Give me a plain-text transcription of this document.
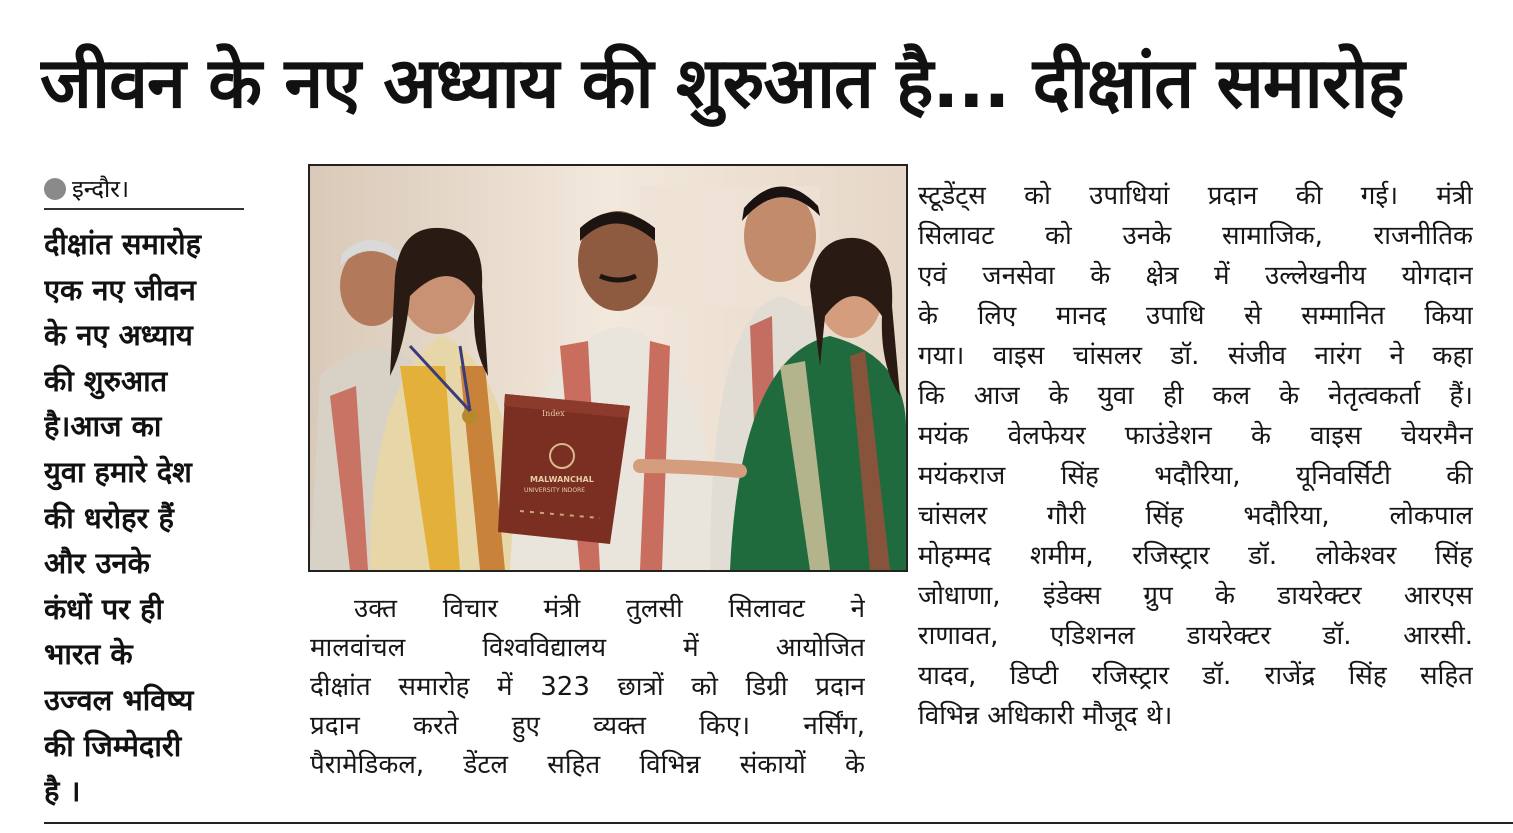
जीवन के नए अध्याय की शुरुआत है... दीक्षांत समारोह
इन्दौर।
दीक्षांत समारोह
एक नए जीवन
के नए अध्याय
की शुरुआत
है।आज का
युवा हमारे देश
की धरोहर हैं
और उनके
कंधों पर ही
भारत के
उज्वल भविष्य
की जिम्मेदारी
है ।
Index
MALWANCHAL
UNIVERSITY INDORE
उक्त विचार मंत्री तुलसी सिलावट ने
मालवांचल विश्वविद्यालय में आयोजित
दीक्षांत समारोह में 323 छात्रों को डिग्री प्रदान
प्रदान करते हुए व्यक्त किए। नर्सिंग,
पैरामेडिकल, डेंटल सहित विभिन्न संकायों के
स्टूडेंट्स को उपाधियां प्रदान की गई। मंत्री
सिलावट को उनके सामाजिक, राजनीतिक
एवं जनसेवा के क्षेत्र में उल्लेखनीय योगदान
के लिए मानद उपाधि से सम्मानित किया
गया। वाइस चांसलर डॉ. संजीव नारंग ने कहा
कि आज के युवा ही कल के नेतृत्वकर्ता हैं।
मयंक वेलफेयर फाउंडेशन के वाइस चेयरमैन
मयंकराज सिंह भदौरिया, यूनिवर्सिटी की
चांसलर गौरी सिंह भदौरिया, लोकपाल
मोहम्मद शमीम, रजिस्ट्रार डॉ. लोकेश्वर सिंह
जोधाणा, इंडेक्स ग्रुप के डायरेक्टर आरएस
राणावत, एडिशनल डायरेक्टर डॉ. आरसी.
यादव, डिप्टी रजिस्ट्रार डॉ. राजेंद्र सिंह सहित
विभिन्न अधिकारी मौजूद थे।
